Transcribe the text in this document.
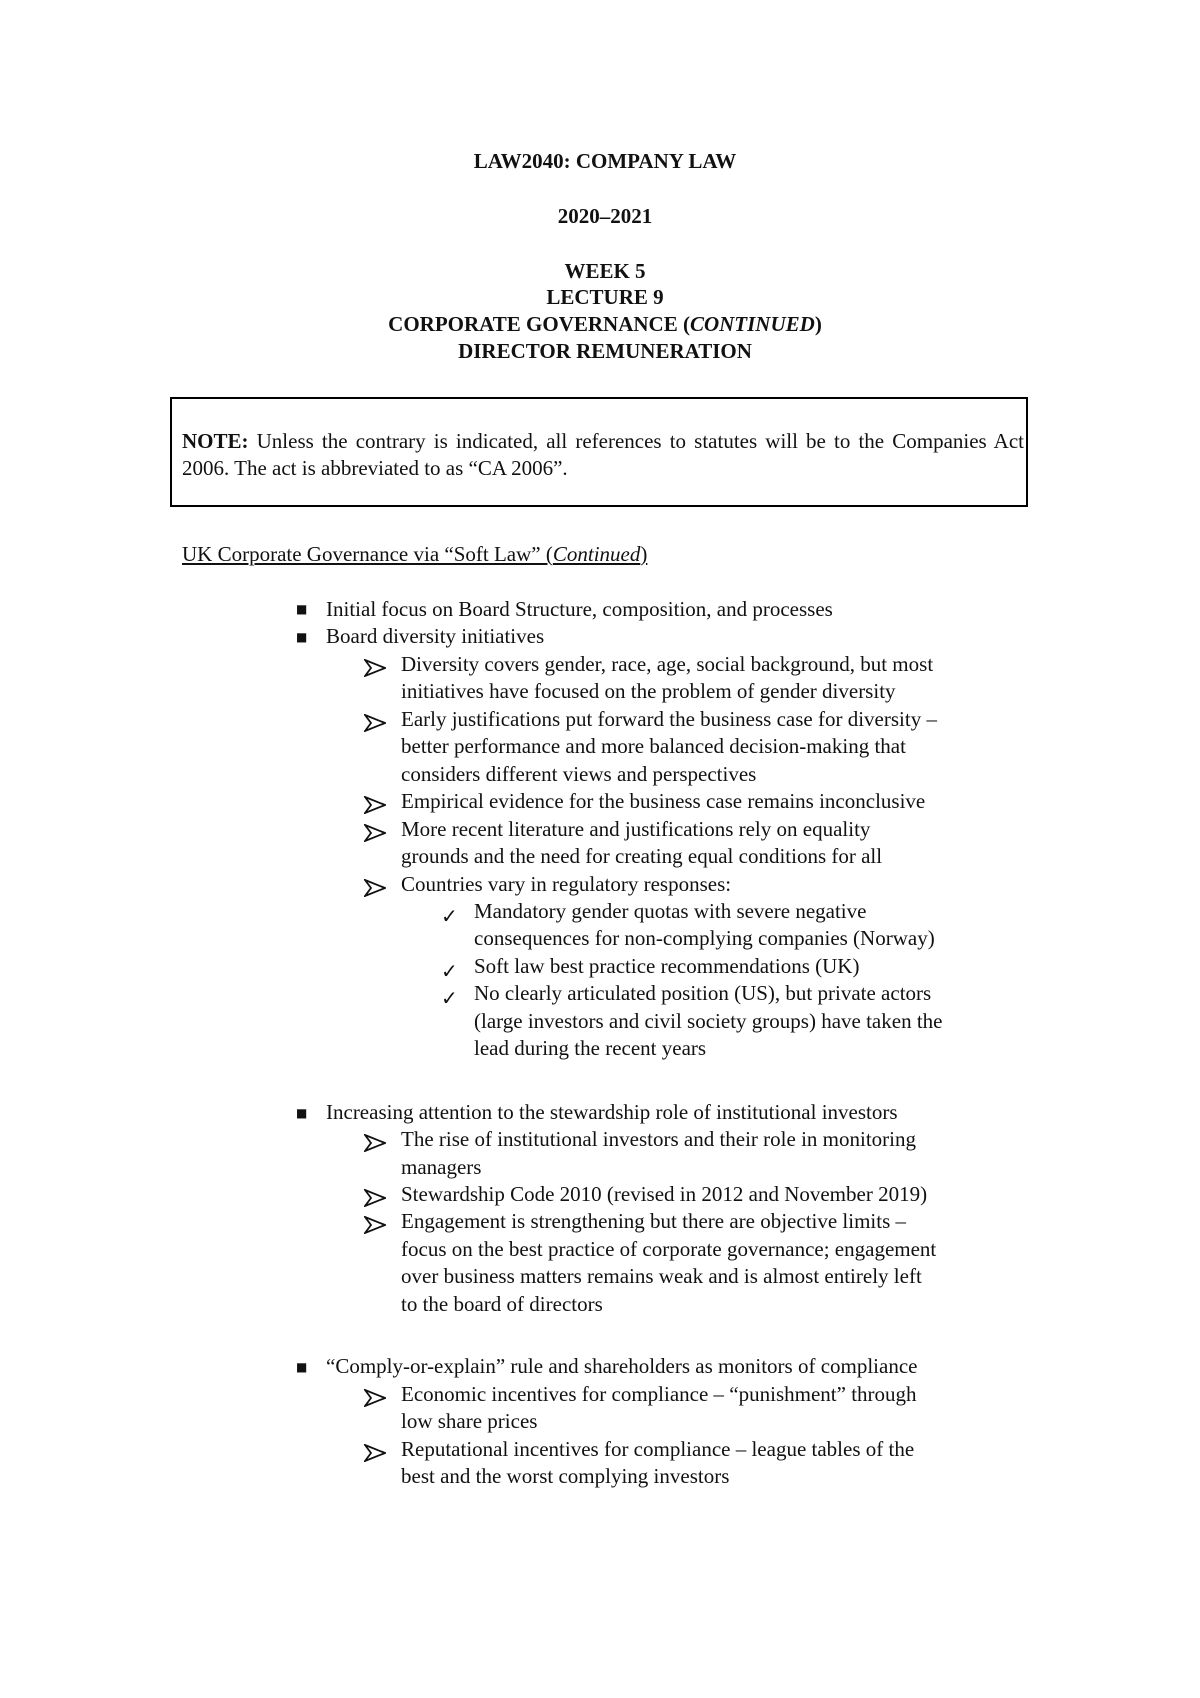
LAW2040: COMPANY LAW
2020–2021
WEEK 5
LECTURE 9
CORPORATE GOVERNANCE (CONTINUED)
DIRECTOR REMUNERATION
NOTE: Unless the contrary is indicated, all references to statutes will be to the Companies Act 2006. The act is abbreviated to as “CA 2006”.
UK Corporate Governance via “Soft Law” (Continued)
■
■
■
■
✓
✓
✓
Initial focus on Board Structure, composition, and processes
Board diversity initiatives
Diversity covers gender, race, age, social background, but most
initiatives have focused on the problem of gender diversity
Early justifications put forward the business case for diversity –
better performance and more balanced decision-making that
considers different views and perspectives
Empirical evidence for the business case remains inconclusive
More recent literature and justifications rely on equality
grounds and the need for creating equal conditions for all
Countries vary in regulatory responses:
Mandatory gender quotas with severe negative
consequences for non-complying companies (Norway)
Soft law best practice recommendations (UK)
No clearly articulated position (US), but private actors
(large investors and civil society groups) have taken the
lead during the recent years
Increasing attention to the stewardship role of institutional investors
The rise of institutional investors and their role in monitoring
managers
Stewardship Code 2010 (revised in 2012 and November 2019)
Engagement is strengthening but there are objective limits –
focus on the best practice of corporate governance; engagement
over business matters remains weak and is almost entirely left
to the board of directors
“Comply-or-explain” rule and shareholders as monitors of compliance
Economic incentives for compliance – “punishment” through
low share prices
Reputational incentives for compliance – league tables of the
best and the worst complying investors
